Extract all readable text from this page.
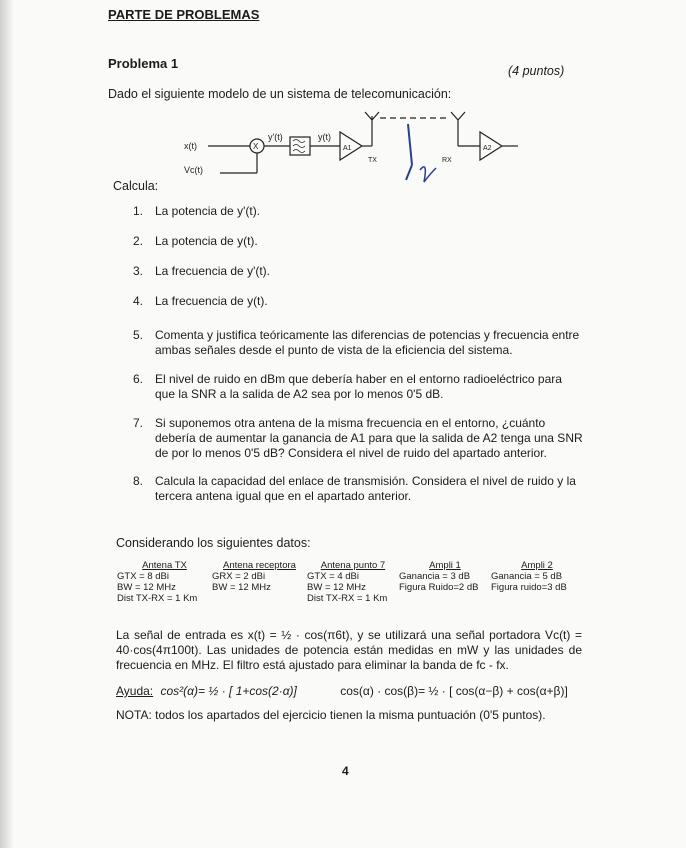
PARTE DE PROBLEMAS
Problema 1	(4 puntos)
Dado el siguiente modelo de un sistema de telecomunicación:
x(t)
Vc(t)
X
y'(t)	y(t)
A1
TX	RX
A2
Calcula:
1. La potencia de y'(t).
2. La potencia de y(t).
3. La frecuencia de y'(t).
4. La frecuencia de y(t).
5. Comenta y justifica teóricamente las diferencias de potencias y frecuencia entre ambas señales desde el punto de vista de la eficiencia del sistema.
6. El nivel de ruido en dBm que debería haber en el entorno radioeléctrico para que la SNR a la salida de A2 sea por lo menos 0'5 dB.
7. Si suponemos otra antena de la misma frecuencia en el entorno, ¿cuánto debería de aumentar la ganancia de A1 para que la salida de A2 tenga una SNR de por lo menos 0'5 dB? Considera el nivel de ruido del apartado anterior.
8. Calcula la capacidad del enlace de transmisión. Considera el nivel de ruido y la tercera antena igual que en el apartado anterior.
Considerando los siguientes datos:
Antena TX	Antena receptora	Antena punto 7	Ampli 1	Ampli 2
GTX = 8 dBi	GRX = 2 dBi	GTX = 4 dBi	Ganancia = 3 dB	Ganancia = 5 dB
BW = 12 MHz	BW = 12 MHz	BW = 12 MHz	Figura Ruido=2 dB	Figura ruido=3 dB
Dist TX-RX = 1 Km		Dist TX-RX = 1 Km		
La señal de entrada es x(t) = ½ · cos(π6t), y se utilizará una señal portadora Vc(t) = 40·cos(4π100t). Las unidades de potencia están medidas en mW y las unidades de frecuencia en MHz. El filtro está ajustado para eliminar la banda de fc - fx.
Ayuda: cos²(α)= ½ · [ 1+cos(2·α)]	cos(α) · cos(β)= ½ · [ cos(α−β) + cos(α+β)]
NOTA: todos los apartados del ejercicio tienen la misma puntuación (0'5 puntos).
4
